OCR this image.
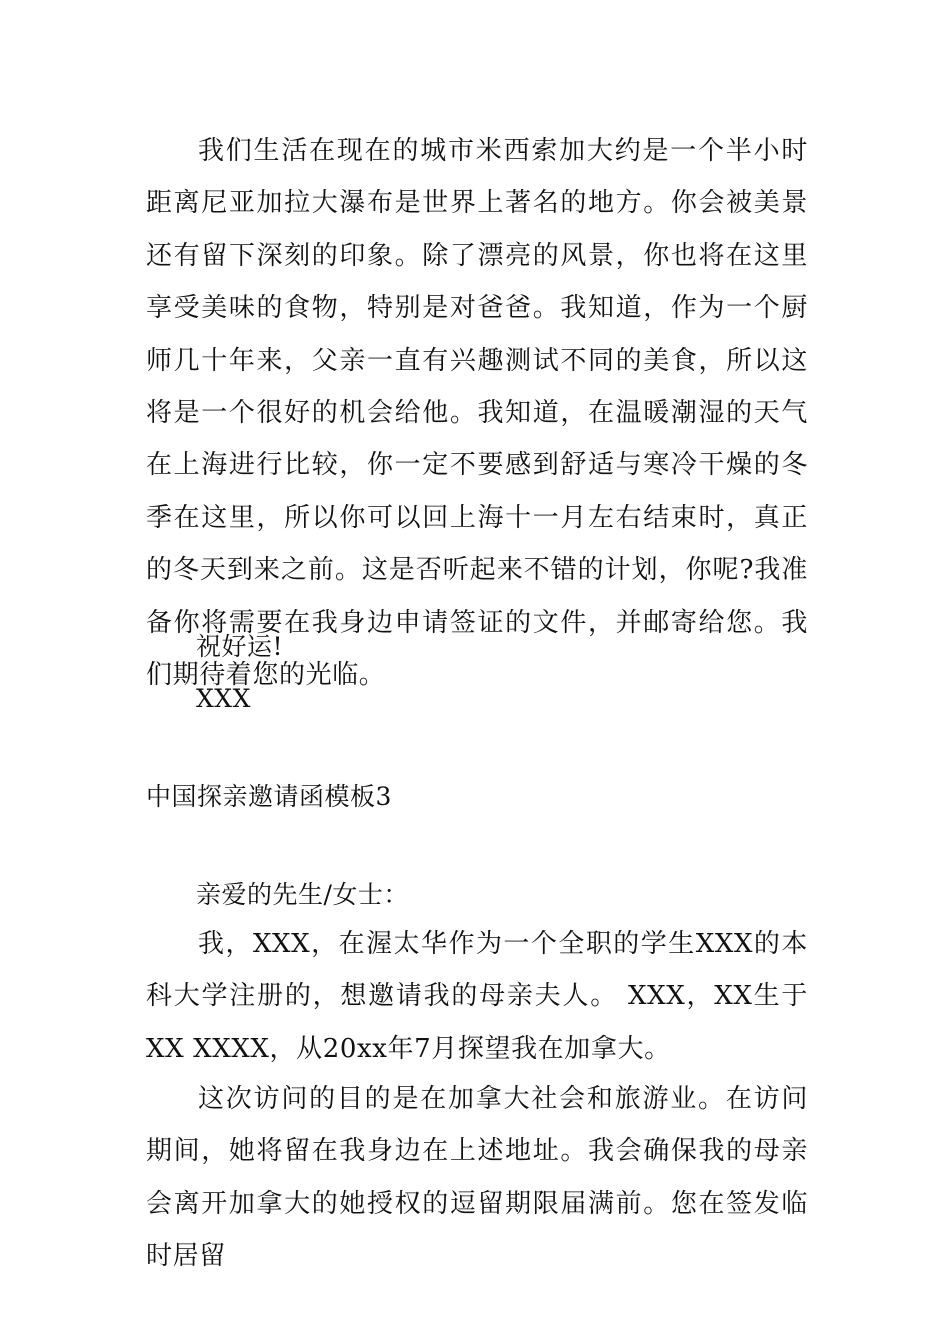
我们生活在现在的城市米西索加大约是一个半小时距离尼亚加拉大瀑布是世界上著名的地方。你会被美景还有留下深刻的印象。除了漂亮的风景，你也将在这里享受美味的食物，特别是对爸爸。我知道，作为一个厨师几十年来，父亲一直有兴趣测试不同的美食，所以这将是一个很好的机会给他。我知道，在温暖潮湿的天气在上海进行比较，你一定不要感到舒适与寒冷干燥的冬季在这里，所以你可以回上海十一月左右结束时，真正的冬天到来之前。这是否听起来不错的计划，你呢?我准备你将需要在我身边申请签证的文件，并邮寄给您。我们期待着您的光临。

祝好运!

XXX

中国探亲邀请函模板3

亲爱的先生/女士：

我，XXX，在渥太华作为一个全职的学生XXX的本科大学注册的，想邀请我的母亲夫人。 XXX，XX生于XX XXXX，从20xx年7月探望我在加拿大。

这次访问的目的是在加拿大社会和旅游业。在访问期间，她将留在我身边在上述地址。我会确保我的母亲会离开加拿大的她授权的逗留期限届满前。您在签发临时居留
